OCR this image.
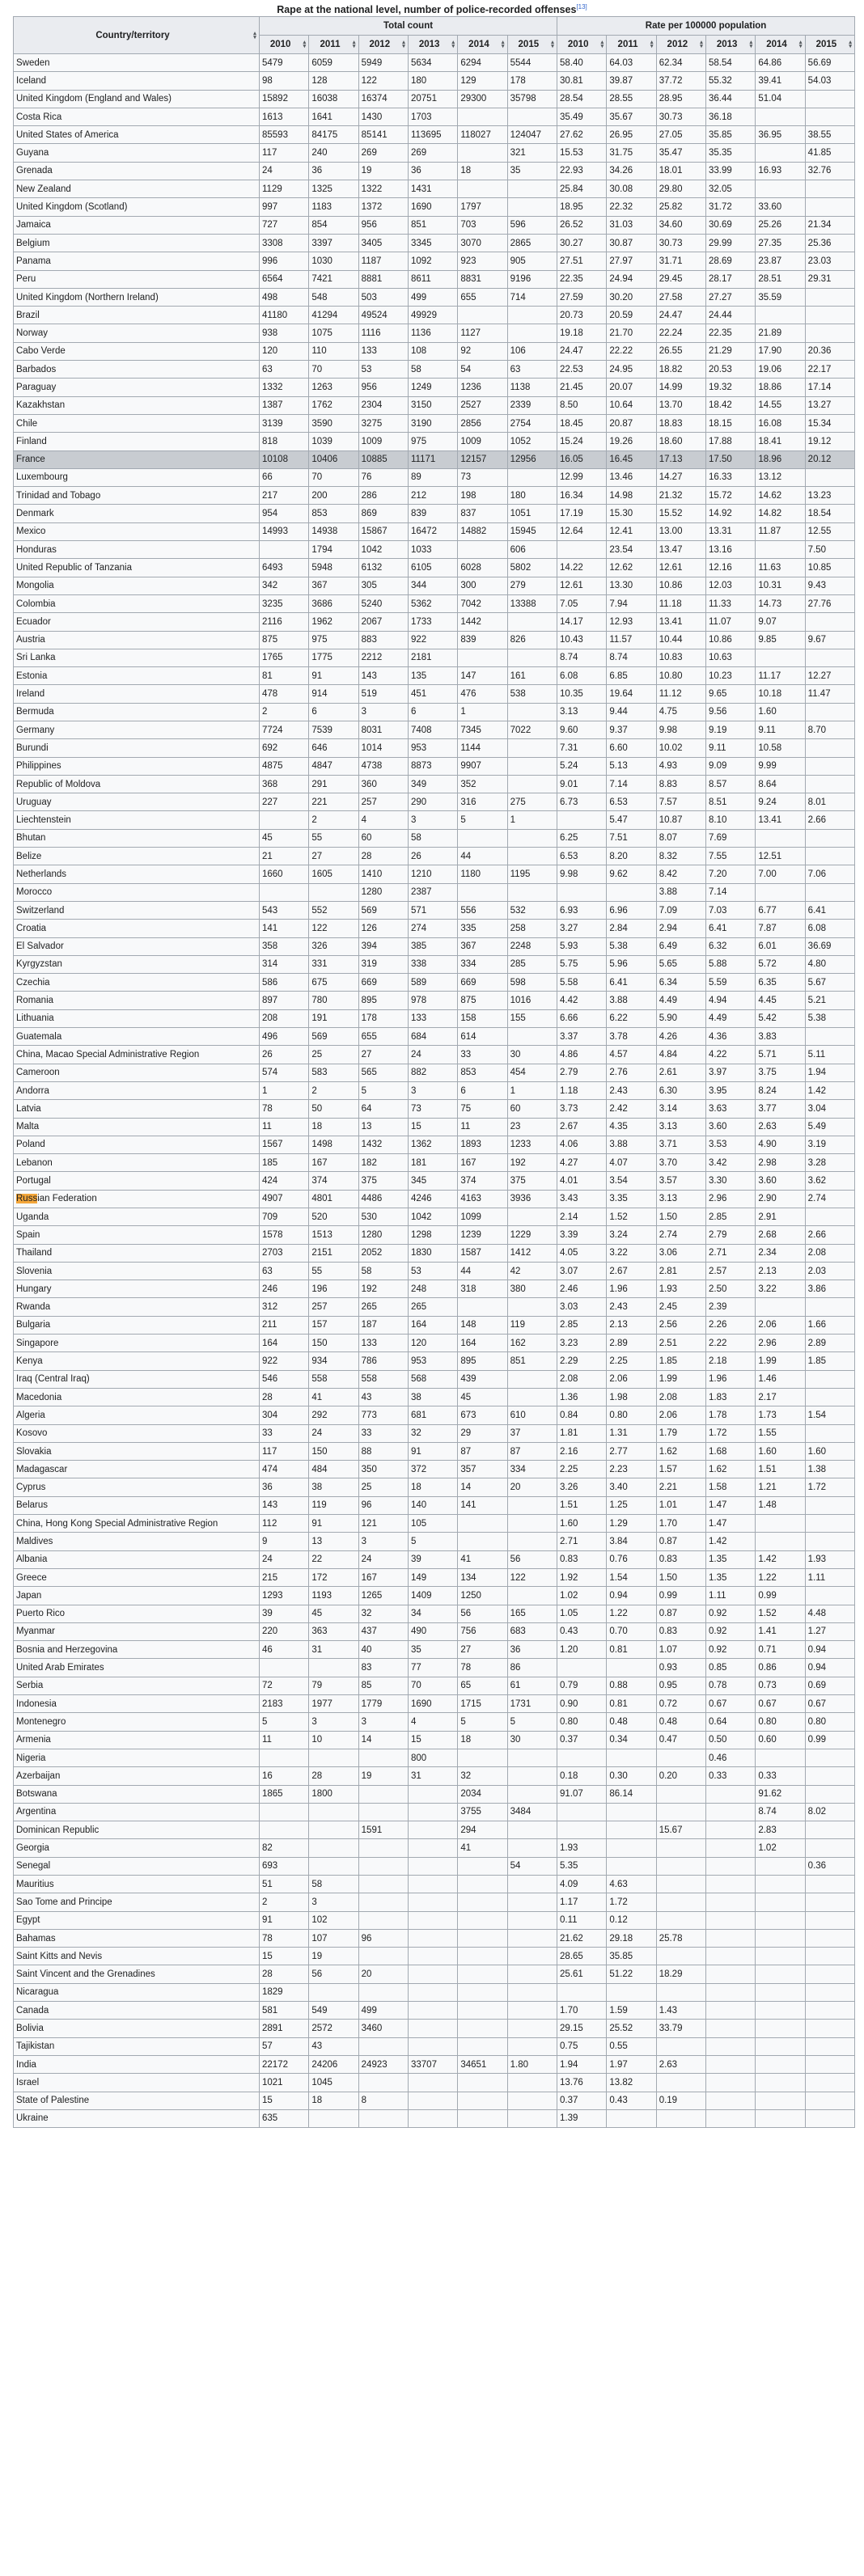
Rape at the national level, number of police-recorded offenses[13]
Country/territory ▴▾	Total count						Rate per 100000 population					
	2010 ▴▾	2011 ▴▾	2012 ▴▾	2013 ▴▾	2014 ▴▾	2015 ▴▾	2010 ▴▾	2011 ▴▾	2012 ▴▾	2013 ▴▾	2014 ▴▾	2015 ▴▾
Sweden	5479	6059	5949	5634	6294	5544	58.40	64.03	62.34	58.54	64.86	56.69
Iceland	98	128	122	180	129	178	30.81	39.87	37.72	55.32	39.41	54.03
United Kingdom (England and Wales)	15892	16038	16374	20751	29300	35798	28.54	28.55	28.95	36.44	51.04	
Costa Rica	1613	1641	1430	1703			35.49	35.67	30.73	36.18		
United States of America	85593	84175	85141	113695	118027	124047	27.62	26.95	27.05	35.85	36.95	38.55
Guyana	117	240	269	269		321	15.53	31.75	35.47	35.35		41.85
Grenada	24	36	19	36	18	35	22.93	34.26	18.01	33.99	16.93	32.76
New Zealand	1129	1325	1322	1431			25.84	30.08	29.80	32.05		
United Kingdom (Scotland)	997	1183	1372	1690	1797		18.95	22.32	25.82	31.72	33.60	
Jamaica	727	854	956	851	703	596	26.52	31.03	34.60	30.69	25.26	21.34
Belgium	3308	3397	3405	3345	3070	2865	30.27	30.87	30.73	29.99	27.35	25.36
Panama	996	1030	1187	1092	923	905	27.51	27.97	31.71	28.69	23.87	23.03
Peru	6564	7421	8881	8611	8831	9196	22.35	24.94	29.45	28.17	28.51	29.31
United Kingdom (Northern Ireland)	498	548	503	499	655	714	27.59	30.20	27.58	27.27	35.59	
Brazil	41180	41294	49524	49929			20.73	20.59	24.47	24.44		
Norway	938	1075	1116	1136	1127		19.18	21.70	22.24	22.35	21.89	
Cabo Verde	120	110	133	108	92	106	24.47	22.22	26.55	21.29	17.90	20.36
Barbados	63	70	53	58	54	63	22.53	24.95	18.82	20.53	19.06	22.17
Paraguay	1332	1263	956	1249	1236	1138	21.45	20.07	14.99	19.32	18.86	17.14
Kazakhstan	1387	1762	2304	3150	2527	2339	8.50	10.64	13.70	18.42	14.55	13.27
Chile	3139	3590	3275	3190	2856	2754	18.45	20.87	18.83	18.15	16.08	15.34
Finland	818	1039	1009	975	1009	1052	15.24	19.26	18.60	17.88	18.41	19.12
France	10108	10406	10885	11171	12157	12956	16.05	16.45	17.13	17.50	18.96	20.12
Luxembourg	66	70	76	89	73		12.99	13.46	14.27	16.33	13.12	
Trinidad and Tobago	217	200	286	212	198	180	16.34	14.98	21.32	15.72	14.62	13.23
Denmark	954	853	869	839	837	1051	17.19	15.30	15.52	14.92	14.82	18.54
Mexico	14993	14938	15867	16472	14882	15945	12.64	12.41	13.00	13.31	11.87	12.55
Honduras		1794	1042	1033		606		23.54	13.47	13.16		7.50
United Republic of Tanzania	6493	5948	6132	6105	6028	5802	14.22	12.62	12.61	12.16	11.63	10.85
Mongolia	342	367	305	344	300	279	12.61	13.30	10.86	12.03	10.31	9.43
Colombia	3235	3686	5240	5362	7042	13388	7.05	7.94	11.18	11.33	14.73	27.76
Ecuador	2116	1962	2067	1733	1442		14.17	12.93	13.41	11.07	9.07	
Austria	875	975	883	922	839	826	10.43	11.57	10.44	10.86	9.85	9.67
Sri Lanka	1765	1775	2212	2181			8.74	8.74	10.83	10.63		
Estonia	81	91	143	135	147	161	6.08	6.85	10.80	10.23	11.17	12.27
Ireland	478	914	519	451	476	538	10.35	19.64	11.12	9.65	10.18	11.47
Bermuda	2	6	3	6	1		3.13	9.44	4.75	9.56	1.60	
Germany	7724	7539	8031	7408	7345	7022	9.60	9.37	9.98	9.19	9.11	8.70
Burundi	692	646	1014	953	1144		7.31	6.60	10.02	9.11	10.58	
Philippines	4875	4847	4738	8873	9907		5.24	5.13	4.93	9.09	9.99	
Republic of Moldova	368	291	360	349	352		9.01	7.14	8.83	8.57	8.64	
Uruguay	227	221	257	290	316	275	6.73	6.53	7.57	8.51	9.24	8.01
Liechtenstein		2	4	3	5	1		5.47	10.87	8.10	13.41	2.66
Bhutan	45	55	60	58			6.25	7.51	8.07	7.69		
Belize	21	27	28	26	44		6.53	8.20	8.32	7.55	12.51	
Netherlands	1660	1605	1410	1210	1180	1195	9.98	9.62	8.42	7.20	7.00	7.06
Morocco			1280	2387					3.88	7.14		
Switzerland	543	552	569	571	556	532	6.93	6.96	7.09	7.03	6.77	6.41
Croatia	141	122	126	274	335	258	3.27	2.84	2.94	6.41	7.87	6.08
El Salvador	358	326	394	385	367	2248	5.93	5.38	6.49	6.32	6.01	36.69
Kyrgyzstan	314	331	319	338	334	285	5.75	5.96	5.65	5.88	5.72	4.80
Czechia	586	675	669	589	669	598	5.58	6.41	6.34	5.59	6.35	5.67
Romania	897	780	895	978	875	1016	4.42	3.88	4.49	4.94	4.45	5.21
Lithuania	208	191	178	133	158	155	6.66	6.22	5.90	4.49	5.42	5.38
Guatemala	496	569	655	684	614		3.37	3.78	4.26	4.36	3.83	
China, Macao Special Administrative Region	26	25	27	24	33	30	4.86	4.57	4.84	4.22	5.71	5.11
Cameroon	574	583	565	882	853	454	2.79	2.76	2.61	3.97	3.75	1.94
Andorra	1	2	5	3	6	1	1.18	2.43	6.30	3.95	8.24	1.42
Latvia	78	50	64	73	75	60	3.73	2.42	3.14	3.63	3.77	3.04
Malta	11	18	13	15	11	23	2.67	4.35	3.13	3.60	2.63	5.49
Poland	1567	1498	1432	1362	1893	1233	4.06	3.88	3.71	3.53	4.90	3.19
Lebanon	185	167	182	181	167	192	4.27	4.07	3.70	3.42	2.98	3.28
Portugal	424	374	375	345	374	375	4.01	3.54	3.57	3.30	3.60	3.62
Russian Federation	4907	4801	4486	4246	4163	3936	3.43	3.35	3.13	2.96	2.90	2.74
Uganda	709	520	530	1042	1099		2.14	1.52	1.50	2.85	2.91	
Spain	1578	1513	1280	1298	1239	1229	3.39	3.24	2.74	2.79	2.68	2.66
Thailand	2703	2151	2052	1830	1587	1412	4.05	3.22	3.06	2.71	2.34	2.08
Slovenia	63	55	58	53	44	42	3.07	2.67	2.81	2.57	2.13	2.03
Hungary	246	196	192	248	318	380	2.46	1.96	1.93	2.50	3.22	3.86
Rwanda	312	257	265	265			3.03	2.43	2.45	2.39		
Bulgaria	211	157	187	164	148	119	2.85	2.13	2.56	2.26	2.06	1.66
Singapore	164	150	133	120	164	162	3.23	2.89	2.51	2.22	2.96	2.89
Kenya	922	934	786	953	895	851	2.29	2.25	1.85	2.18	1.99	1.85
Iraq (Central Iraq)	546	558	558	568	439		2.08	2.06	1.99	1.96	1.46	
Macedonia	28	41	43	38	45		1.36	1.98	2.08	1.83	2.17	
Algeria	304	292	773	681	673	610	0.84	0.80	2.06	1.78	1.73	1.54
Kosovo	33	24	33	32	29	37	1.81	1.31	1.79	1.72	1.55	
Slovakia	117	150	88	91	87	87	2.16	2.77	1.62	1.68	1.60	1.60
Madagascar	474	484	350	372	357	334	2.25	2.23	1.57	1.62	1.51	1.38
Cyprus	36	38	25	18	14	20	3.26	3.40	2.21	1.58	1.21	1.72
Belarus	143	119	96	140	141		1.51	1.25	1.01	1.47	1.48	
China, Hong Kong Special Administrative Region	112	91	121	105			1.60	1.29	1.70	1.47		
Maldives	9	13	3	5			2.71	3.84	0.87	1.42		
Albania	24	22	24	39	41	56	0.83	0.76	0.83	1.35	1.42	1.93
Greece	215	172	167	149	134	122	1.92	1.54	1.50	1.35	1.22	1.11
Japan	1293	1193	1265	1409	1250		1.02	0.94	0.99	1.11	0.99	
Puerto Rico	39	45	32	34	56	165	1.05	1.22	0.87	0.92	1.52	4.48
Myanmar	220	363	437	490	756	683	0.43	0.70	0.83	0.92	1.41	1.27
Bosnia and Herzegovina	46	31	40	35	27	36	1.20	0.81	1.07	0.92	0.71	0.94
United Arab Emirates			83	77	78	86			0.93	0.85	0.86	0.94
Serbia	72	79	85	70	65	61	0.79	0.88	0.95	0.78	0.73	0.69
Indonesia	2183	1977	1779	1690	1715	1731	0.90	0.81	0.72	0.67	0.67	0.67
Montenegro	5	3	3	4	5	5	0.80	0.48	0.48	0.64	0.80	0.80
Armenia	11	10	14	15	18	30	0.37	0.34	0.47	0.50	0.60	0.99
Nigeria				800						0.46		
Azerbaijan	16	28	19	31	32		0.18	0.30	0.20	0.33	0.33	
Botswana	1865	1800			2034		91.07	86.14			91.62	
Argentina					3755	3484					8.74	8.02
Dominican Republic			1591		294				15.67		2.83	
Georgia	82				41		1.93				1.02	
Senegal	693					54	5.35					0.36
Mauritius	51	58					4.09	4.63				
Sao Tome and Principe	2	3					1.17	1.72				
Egypt	91	102					0.11	0.12				
Bahamas	78	107	96				21.62	29.18	25.78			
Saint Kitts and Nevis	15	19					28.65	35.85				
Saint Vincent and the Grenadines	28	56	20				25.61	51.22	18.29			
Nicaragua	1829											
Canada	581	549	499				1.70	1.59	1.43			
Bolivia	2891	2572	3460				29.15	25.52	33.79			
Tajikistan	57	43					0.75	0.55				
India	22172	24206	24923	33707	34651	1.80	1.94	1.97	2.63			
Israel	1021	1045					13.76	13.82				
State of Palestine	15	18	8				0.37	0.43	0.19			
Ukraine	635						1.39					
